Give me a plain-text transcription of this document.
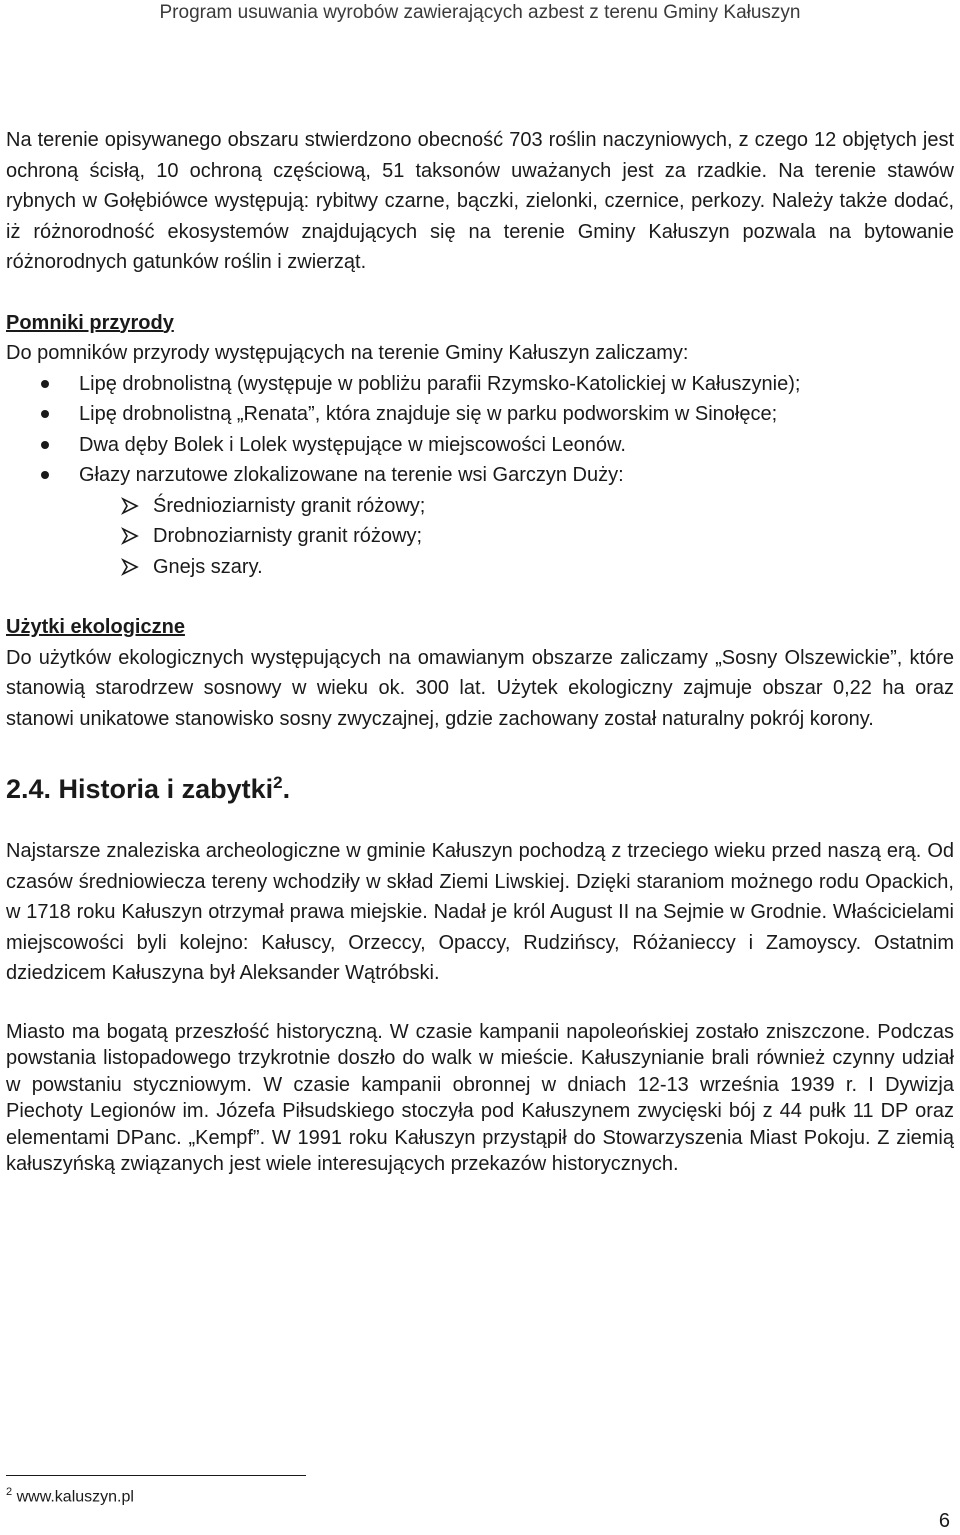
Program usuwania wyrobów zawierających azbest z terenu Gminy Kałuszyn

Na terenie opisywanego obszaru stwierdzono obecność 703 roślin naczyniowych, z czego 12 objętych jest ochroną ścisłą, 10 ochroną częściową, 51 taksonów uważanych jest za rzadkie. Na terenie stawów rybnych w Gołębiówce występują: rybitwy czarne, bączki, zielonki, czernice, perkozy. Należy także dodać, iż różnorodność ekosystemów znajdujących się na terenie Gminy Kałuszyn pozwala na bytowanie różnorodnych gatunków roślin i zwierząt.

Pomniki przyrody

Do pomników przyrody występujących na terenie Gminy Kałuszyn zaliczamy:

Lipę drobnolistną (występuje w pobliżu parafii Rzymsko-Katolickiej w Kałuszynie);
Lipę drobnolistną „Renata”, która znajduje się w parku podworskim w Sinołęce;
Dwa dęby Bolek i Lolek występujące w miejscowości Leonów.
Głazy narzutowe zlokalizowane na terenie wsi Garczyn Duży:
Średnioziarnisty granit różowy;
Drobnoziarnisty granit różowy;
Gnejs szary.

Użytki ekologiczne

Do użytków ekologicznych występujących na omawianym obszarze zaliczamy „Sosny Olszewickie”, które stanowią starodrzew sosnowy w wieku ok. 300 lat. Użytek ekologiczny zajmuje obszar 0,22 ha oraz stanowi unikatowe stanowisko sosny zwyczajnej, gdzie zachowany został naturalny pokrój korony.

2.4. Historia i zabytki$^2$.

Najstarsze znaleziska archeologiczne w gminie Kałuszyn pochodzą z trzeciego wieku przed naszą erą. Od czasów średniowiecza tereny wchodziły w skład Ziemi Liwskiej. Dzięki staraniom możnego rodu Opackich, w 1718 roku Kałuszyn otrzymał prawa miejskie. Nadał je król August II na Sejmie w Grodnie. Właścicielami miejscowości byli kolejno: Kałuscy, Orzeccy, Opaccy, Rudzińscy, Różanieccy i Zamoyscy. Ostatnim dziedzicem Kałuszyna był Aleksander Wątróbski.

Miasto ma bogatą przeszłość historyczną. W czasie kampanii napoleońskiej zostało zniszczone. Podczas powstania listopadowego trzykrotnie doszło do walk w mieście. Kałuszynianie brali również czynny udział w powstaniu styczniowym. W czasie kampanii obronnej w dniach 12-13 września 1939 r. I Dywizja Piechoty Legionów im. Józefa Piłsudskiego stoczyła pod Kałuszynem zwycięski bój z 44 pułk 11 DP oraz elementami DPanc. „Kempf”. W 1991 roku Kałuszyn przystąpił do Stowarzyszenia Miast Pokoju. Z ziemią kałuszyńską związanych jest wiele interesujących przekazów historycznych.

$^2$ www.kaluszyn.pl
6
